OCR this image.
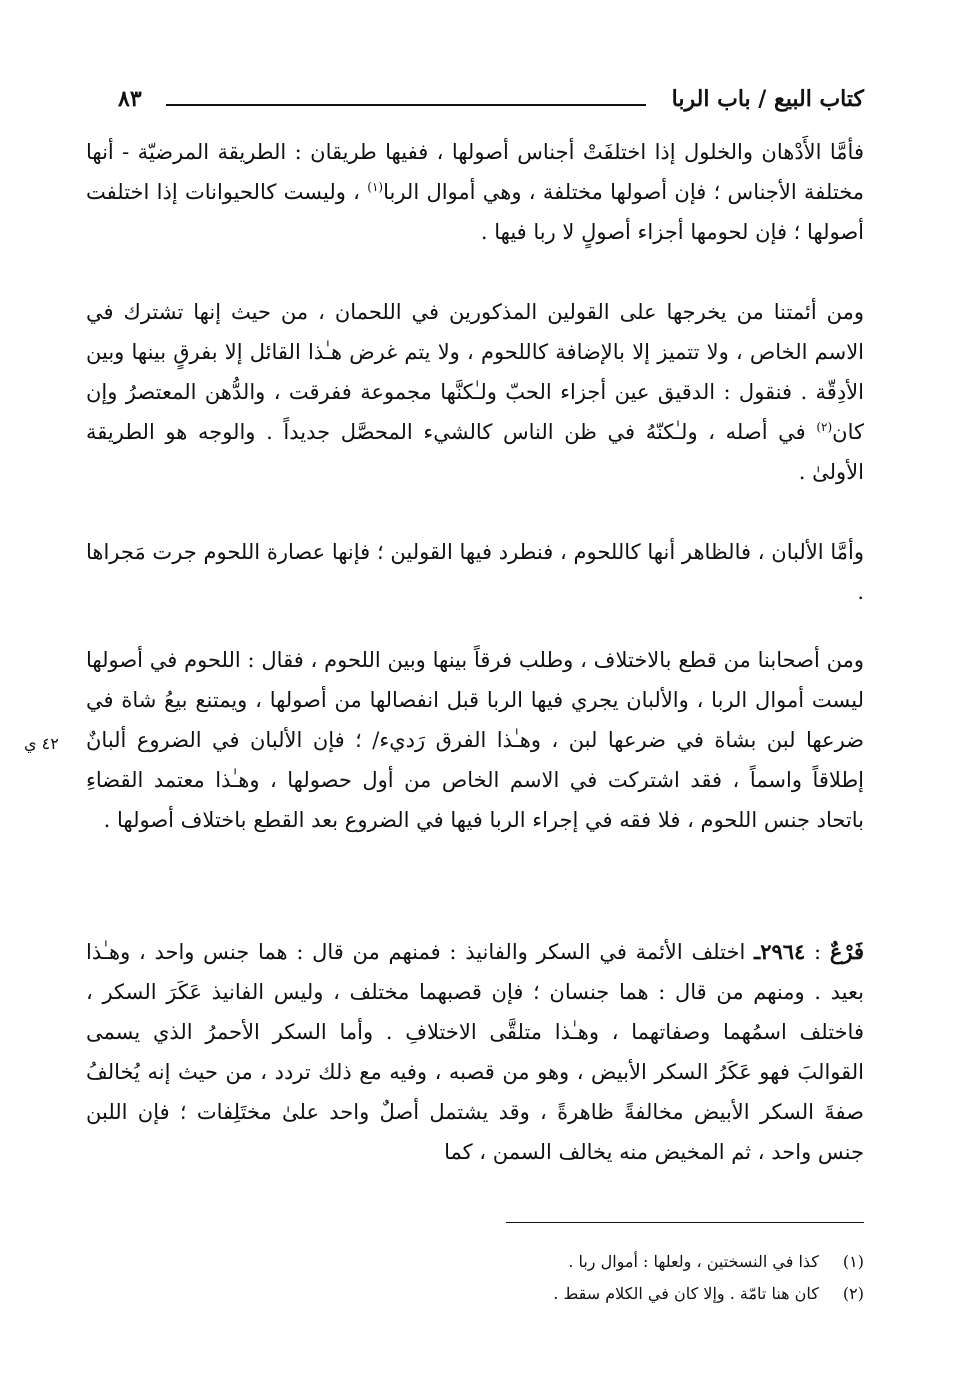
كتاب البيع / باب الربا
٨٣
فأمَّا الأَدْهان والخلول إذا اختلفَتْ أجناس أصولها ، ففيها طريقان : الطريقة المرضيّة - أنها مختلفة الأجناس ؛ فإن أصولها مختلفة ، وهي أموال الربا$^{(١)}$ ، وليست كالحيوانات إذا اختلفت أصولها ؛ فإن لحومها أجزاء أصولٍ لا ربا فيها .
ومن أئمتنا من يخرجها على القولين المذكورين في اللحمان ، من حيث إنها تشترك في الاسم الخاص ، ولا تتميز إلا بالإضافة كاللحوم ، ولا يتم غرض هـٰذا القائل إلا بفرقٍ بينها وبين الأدِقّة . فنقول : الدقيق عين أجزاء الحبّ ولـٰكنَّها مجموعة ففرقت ، والدُّهن المعتصرُ وإن كان$^{(٢)}$ في أصله ، ولـٰكنّهُ في ظن الناس كالشيء المحصَّل جديداً . والوجه هو الطريقة الأولىٰ .
وأمَّا الألبان ، فالظاهر أنها كاللحوم ، فنطرد فيها القولين ؛ فإنها عصارة اللحوم جرت مَجراها .
ومن أصحابنا من قطع بالاختلاف ، وطلب فرقاً بينها وبين اللحوم ، فقال : اللحوم في أصولها ليست أموال الربا ، والألبان يجري فيها الربا قبل انفصالها من أصولها ، ويمتنع بيعُ شاة في ضرعها لبن بشاة في ضرعها لبن ، وهـٰذا الفرق رَديء/ ؛ فإن الألبان في الضروع ألبانٌ إطلاقاً واسماً ، فقد اشتركت في الاسم الخاص من أول حصولها ، وهـٰذا معتمد القضاءِ باتحاد جنس اللحوم ، فلا فقه في إجراء الربا فيها في الضروع بعد القطع باختلاف أصولها .
٤٢ ي
فَرْعٌ : ٢٩٦٤ـ اختلف الأئمة في السكر والفانيذ : فمنهم من قال : هما جنس واحد ، وهـٰذا بعيد . ومنهم من قال : هما جنسان ؛ فإن قصبهما مختلف ، وليس الفانيذ عَكَرَ السكر ، فاختلف اسمُهما وصفاتهما ، وهـٰذا متلقَّى الاختلافِ . وأما السكر الأحمرُ الذي يسمى القوالبَ فهو عَكَرُ السكر الأبيض ، وهو من قصبه ، وفيه مع ذلك تردد ، من حيث إنه يُخالفُ صفةَ السكر الأبيض مخالفةً ظاهرةً ، وقد يشتمل أصلٌ واحد علىٰ مختَلِفات ؛ فإن اللبن جنس واحد ، ثم المخيض منه يخالف السمن ، كما
(١) كذا في النسختين ، ولعلها : أموال ربا .
(٢) كان هنا تامّة . وإلا كان في الكلام سقط .
